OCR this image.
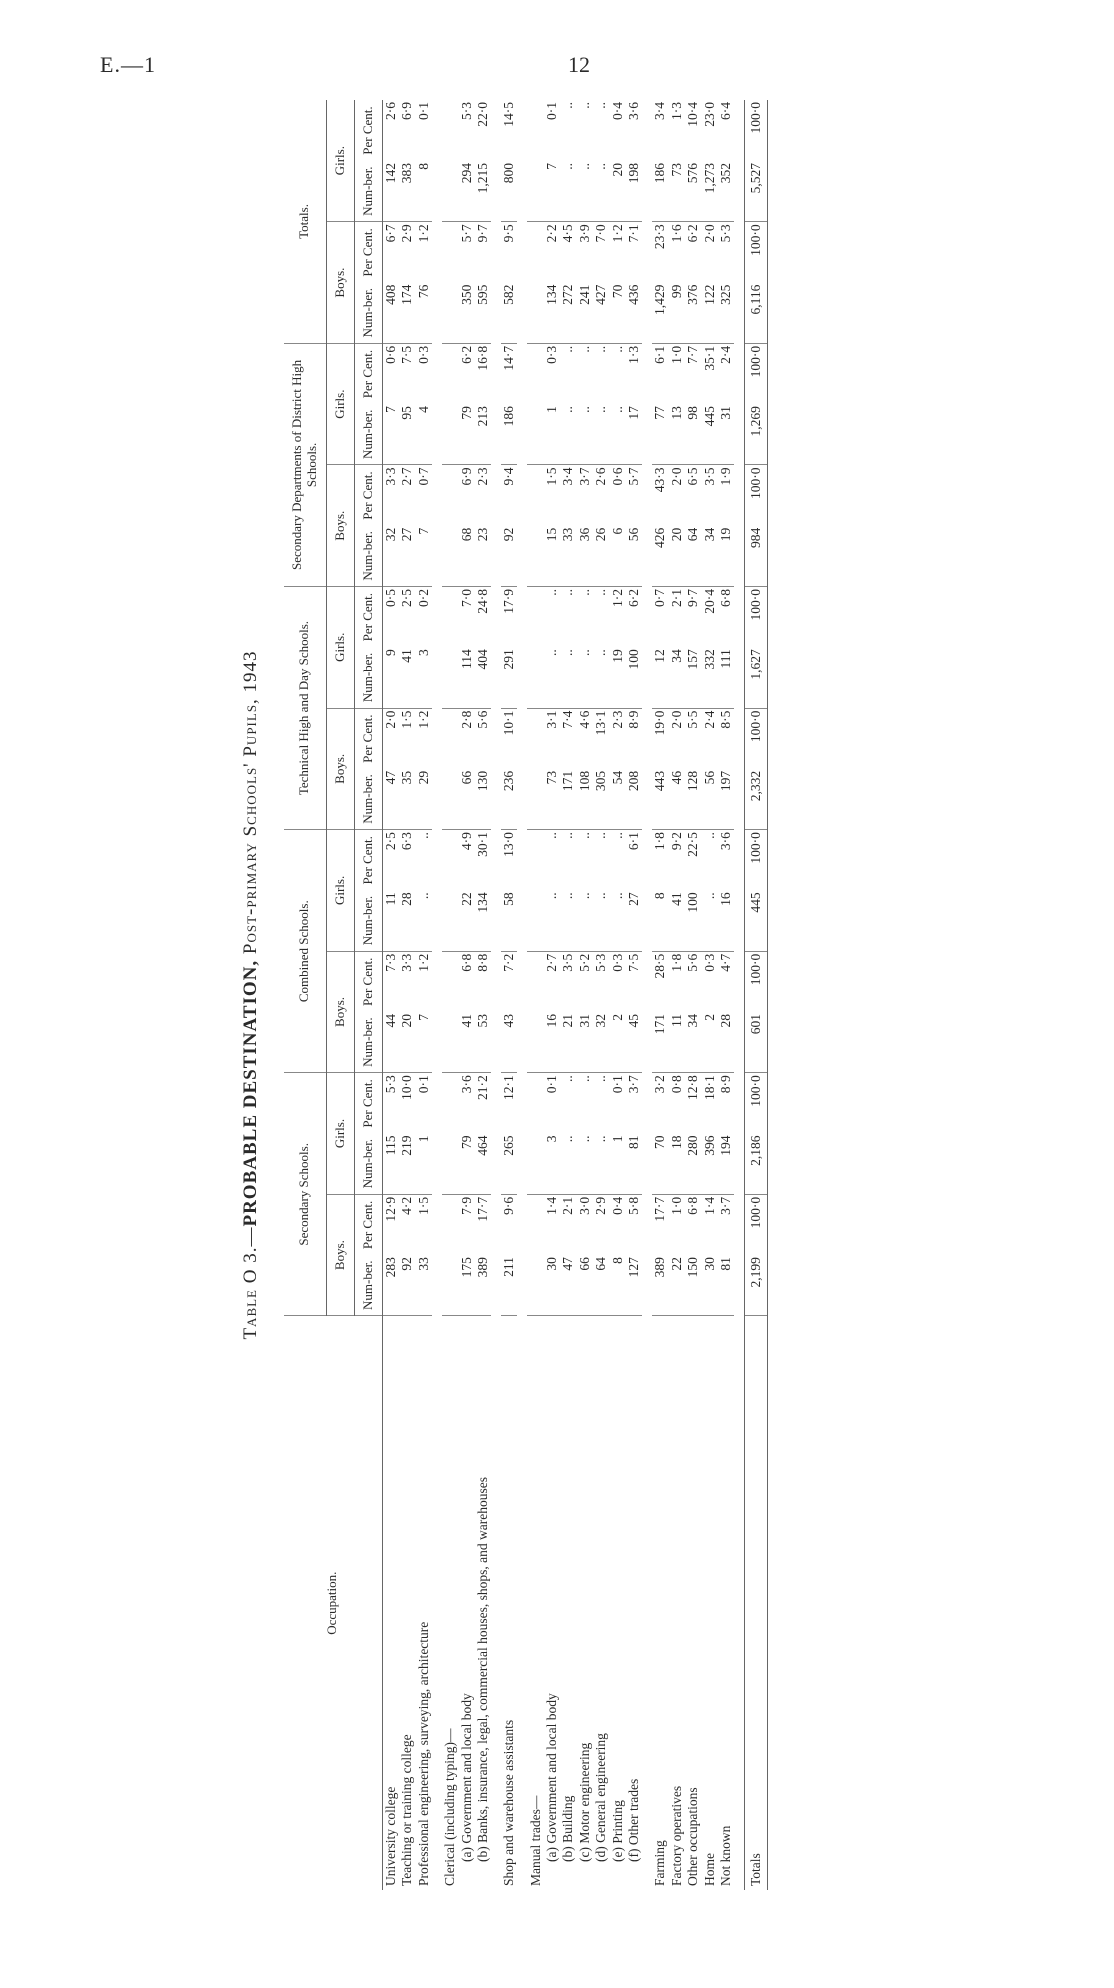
E.—1	12
Table O 3.—PROBABLE DESTINATION, Post-primary Schools' Pupils, 1943
Occupation.	Secondary Schools.				Combined Schools.				Technical High and Day Schools.				Secondary Departments of District High Schools.				Totals.			
	Boys.		Girls.		Boys.		Girls.		Boys.		Girls.		Boys.		Girls.		Boys.		Girls.	
	Num-ber.	Per Cent.	Num-ber.	Per Cent.	Num-ber.	Per Cent.	Num-ber.	Per Cent.	Num-ber.	Per Cent.	Num-ber.	Per Cent.	Num-ber.	Per Cent.	Num-ber.	Per Cent.	Num-ber.	Per Cent.	Num-ber.	Per Cent.
University college	283	12·9	115	5·3	44	7·3	11	2·5	47	2·0	9	0·5	32	3·3	7	0·6	408	6·7	142	2·6
Teaching or training college	92	4·2	219	10·0	20	3·3	28	6·3	35	1·5	41	2·5	27	2·7	95	7·5	174	2·9	383	6·9
Professional engineering, surveying, architecture	33	1·5	1	0·1	7	1·2	..	..	29	1·2	3	0·2	7	0·7	4	0·3	76	1·2	8	0·1

Clerical (including typing)—																				
(a) Government and local body	175	7·9	79	3·6	41	6·8	22	4·9	66	2·8	114	7·0	68	6·9	79	6·2	350	5·7	294	5·3
(b) Banks, insurance, legal, commercial houses, shops, and warehouses	389	17·7	464	21·2	53	8·8	134	30·1	130	5·6	404	24·8	23	2·3	213	16·8	595	9·7	1,215	22·0

Shop and warehouse assistants	211	9·6	265	12·1	43	7·2	58	13·0	236	10·1	291	17·9	92	9·4	186	14·7	582	9·5	800	14·5

Manual trades—																				
(a) Government and local body	30	1·4	3	0·1	16	2·7	..	..	73	3·1	..	..	15	1·5	1	0·3	134	2·2	7	0·1
(b) Building	47	2·1	..	..	21	3·5	..	..	171	7·4	..	..	33	3·4	..	..	272	4·5	..	..
(c) Motor engineering	66	3·0	..	..	31	5·2	..	..	108	4·6	..	..	36	3·7	..	..	241	3·9	..	..
(d) General engineering	64	2·9	..	..	32	5·3	..	..	305	13·1	..	..	26	2·6	..	..	427	7·0	..	..
(e) Printing	8	0·4	1	0·1	2	0·3	..	..	54	2·3	19	1·2	6	0·6	..	..	70	1·2	20	0·4
(f) Other trades	127	5·8	81	3·7	45	7·5	27	6·1	208	8·9	100	6·2	56	5·7	17	1·3	436	7·1	198	3·6

Farming	389	17·7	70	3·2	171	28·5	8	1·8	443	19·0	12	0·7	426	43·3	77	6·1	1,429	23·3	186	3·4
Factory operatives	22	1·0	18	0·8	11	1·8	41	9·2	46	2·0	34	2·1	20	2·0	13	1·0	99	1·6	73	1·3
Other occupations	150	6·8	280	12·8	34	5·6	100	22·5	128	5·5	157	9·7	64	6·5	98	7·7	376	6·2	576	10·4
Home	30	1·4	396	18·1	2	0·3	..	..	56	2·4	332	20·4	34	3·5	445	35·1	122	2·0	1,273	23·0
Not known	81	3·7	194	8·9	28	4·7	16	3·6	197	8·5	111	6·8	19	1·9	31	2·4	325	5·3	352	6·4

Totals	2,199	100·0	2,186	100·0	601	100·0	445	100·0	2,332	100·0	1,627	100·0	984	100·0	1,269	100·0	6,116	100·0	5,527	100·0
